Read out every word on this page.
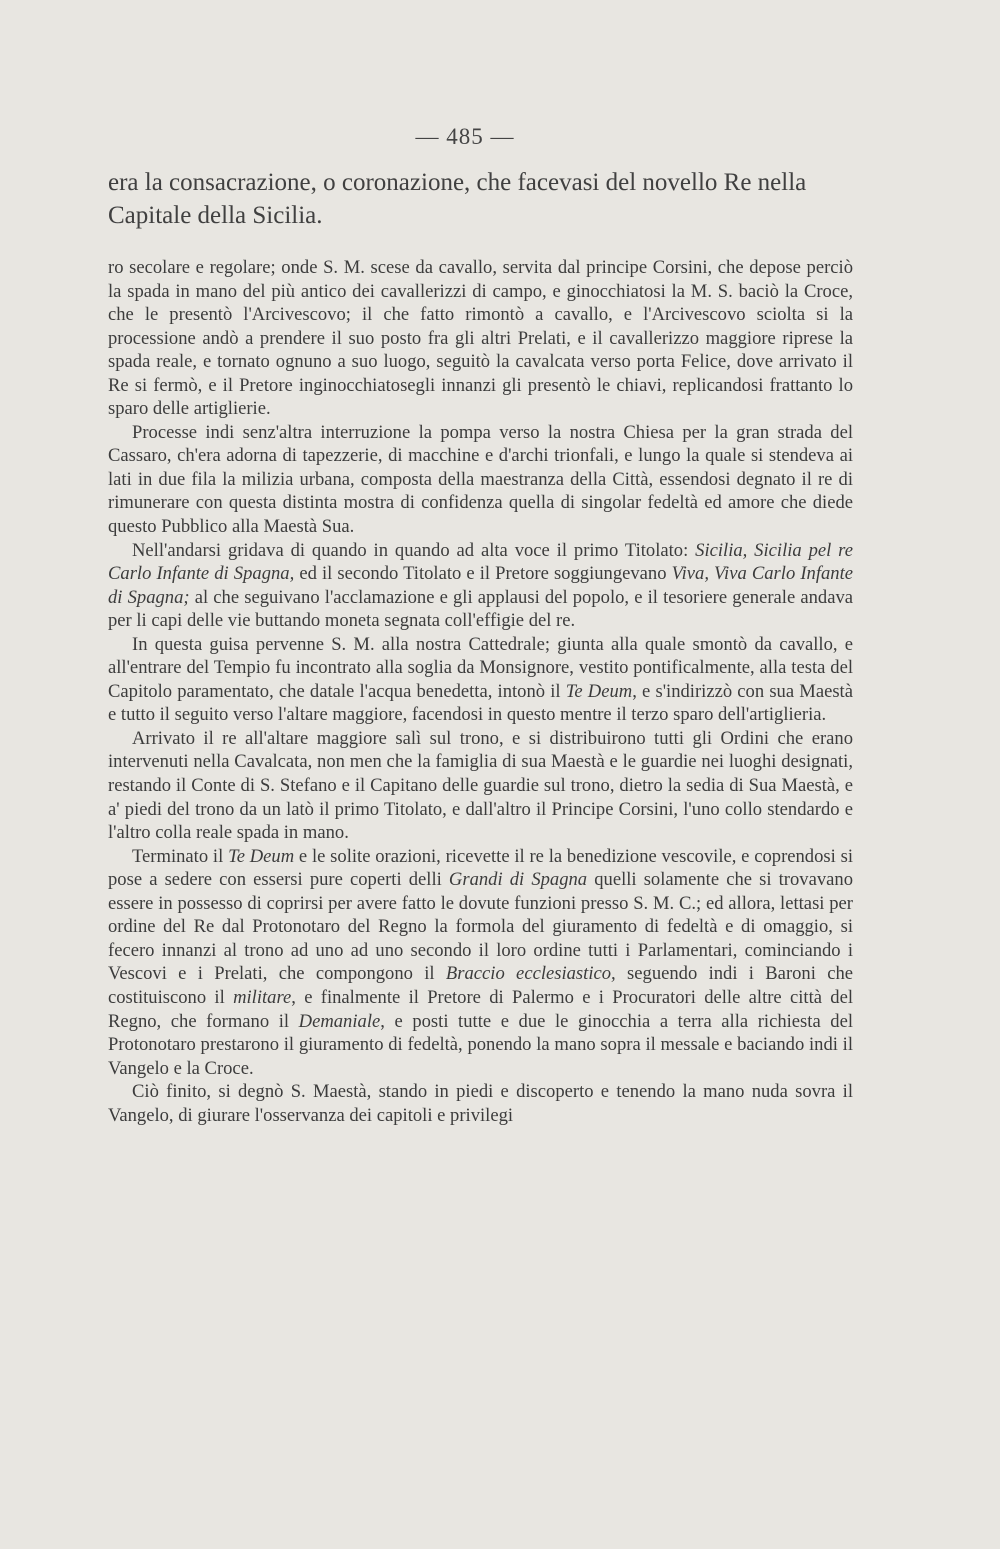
— 485 —
era la consacrazione, o coronazione, che facevasi del novello Re nella Capitale della Sicilia.

ro secolare e regolare; onde S. M. scese da cavallo, servita dal principe Corsini, che depose perciò la spada in mano del più antico dei cavallerizzi di campo, e ginocchiatosi la M. S. baciò la Croce, che le presentò l'Arcivescovo; il che fatto rimontò a cavallo, e l'Arcivescovo sciolta si la processione andò a prendere il suo posto fra gli altri Prelati, e il cavallerizzo maggiore riprese la spada reale, e tornato ognuno a suo luogo, seguitò la cavalcata verso porta Felice, dove arrivato il Re si fermò, e il Pretore inginocchiatosegli innanzi gli presentò le chiavi, replicandosi frattanto lo sparo delle artiglierie.

Processe indi senz'altra interruzione la pompa verso la nostra Chiesa per la gran strada del Cassaro, ch'era adorna di tapezzerie, di macchine e d'archi trionfali, e lungo la quale si stendeva ai lati in due fila la milizia urbana, composta della maestranza della Città, essendosi degnato il re di rimunerare con questa distinta mostra di confidenza quella di singolar fedeltà ed amore che diede questo Pubblico alla Maestà Sua.

Nell'andarsi gridava di quando in quando ad alta voce il primo Titolato: Sicilia, Sicilia pel re Carlo Infante di Spagna, ed il secondo Titolato e il Pretore soggiungevano Viva, Viva Carlo Infante di Spagna; al che seguivano l'acclamazione e gli applausi del popolo, e il tesoriere generale andava per li capi delle vie buttando moneta segnata coll'effigie del re.

In questa guisa pervenne S. M. alla nostra Cattedrale; giunta alla quale smontò da cavallo, e all'entrare del Tempio fu incontrato alla soglia da Monsignore, vestito pontificalmente, alla testa del Capitolo paramentato, che datale l'acqua benedetta, intonò il Te Deum, e s'indirizzò con sua Maestà e tutto il seguito verso l'altare maggiore, facendosi in questo mentre il terzo sparo dell'artiglieria.

Arrivato il re all'altare maggiore salì sul trono, e si distribuirono tutti gli Ordini che erano intervenuti nella Cavalcata, non men che la famiglia di sua Maestà e le guardie nei luoghi designati, restando il Conte di S. Stefano e il Capitano delle guardie sul trono, dietro la sedia di Sua Maestà, e a' piedi del trono da un latò il primo Titolato, e dall'altro il Principe Corsini, l'uno collo stendardo e l'altro colla reale spada in mano.

Terminato il Te Deum e le solite orazioni, ricevette il re la benedizione vescovile, e coprendosi si pose a sedere con essersi pure coperti delli Grandi di Spagna quelli solamente che si trovavano essere in possesso di coprirsi per avere fatto le dovute funzioni presso S. M. C.; ed allora, lettasi per ordine del Re dal Protonotaro del Regno la formola del giuramento di fedeltà e di omaggio, si fecero innanzi al trono ad uno ad uno secondo il loro ordine tutti i Parlamentari, cominciando i Vescovi e i Prelati, che compongono il Braccio ecclesiastico, seguendo indi i Baroni che costituiscono il militare, e finalmente il Pretore di Palermo e i Procuratori delle altre città del Regno, che formano il Demaniale, e posti tutte e due le ginocchia a terra alla richiesta del Protonotaro prestarono il giuramento di fedeltà, ponendo la mano sopra il messale e baciando indi il Vangelo e la Croce.

Ciò finito, si degnò S. Maestà, stando in piedi e discoperto e tenendo la mano nuda sovra il Vangelo, di giurare l'osservanza dei capitoli e privilegi
